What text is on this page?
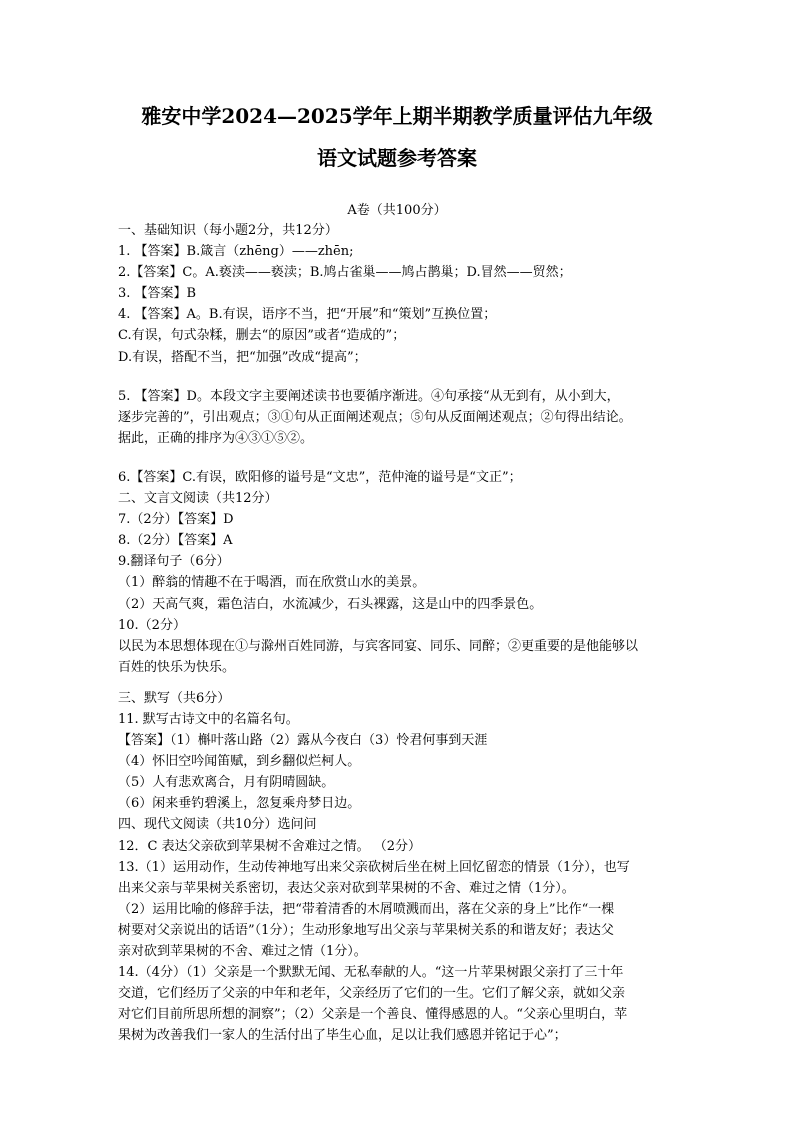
雅安中学2024—2025学年上期半期教学质量评估九年级
语文试题参考答案
A卷（共100分）
一、基础知识（每小题2分，共12分）
1. 【答案】B.箴言（zhēng）——zhēn;
2.【答案】C。A.亵渎——亵渎；B.鸠占雀巢——鸠占鹊巢；D.冒然——贸然；
3. 【答案】B
4. 【答案】A。B.有误，语序不当，把“开展”和“策划”互换位置；
C.有误，句式杂糅，删去“的原因”或者“造成的”；
D.有误，搭配不当，把“加强”改成“提高”；
5. 【答案】D。本段文字主要阐述读书也要循序渐进。④句承接“从无到有，从小到大，
逐步完善的”，引出观点；③①句从正面阐述观点；⑤句从反面阐述观点；②句得出结论。
据此，正确的排序为④③①⑤②。
6.【答案】C.有误，欧阳修的谥号是“文忠”，范仲淹的谥号是“文正”；
二、文言文阅读（共12分）
7.（2分）【答案】D
8.（2分）【答案】A
9.翻译句子（6分）
（1）醉翁的情趣不在于喝酒，而在欣赏山水的美景。
（2）天高气爽，霜色洁白，水流减少，石头裸露，这是山中的四季景色。
10.（2分）
以民为本思想体现在①与滁州百姓同游，与宾客同宴、同乐、同醉；②更重要的是他能够以
百姓的快乐为快乐。
三、默写（共6分）
11. 默写古诗文中的名篇名句。
【答案】（1）槲叶落山路（2）露从今夜白（3）怜君何事到天涯
（4）怀旧空吟闻笛赋，到乡翻似烂柯人。
（5）人有悲欢离合，月有阴晴圆缺。
（6）闲来垂钓碧溪上，忽复乘舟梦日边。
四、现代文阅读（共10分）选问问
12．C 表达父亲砍到苹果树不舍难过之情。 （2分）
13.（1）运用动作，生动传神地写出来父亲砍树后坐在树上回忆留恋的情景（1分），也写
出来父亲与苹果树关系密切，表达父亲对砍到苹果树的不舍、难过之情（1分）。
（2）运用比喻的修辞手法，把“带着清香的木屑喷溅而出，落在父亲的身上”比作“一棵
树要对父亲说出的话语”（1分）；生动形象地写出父亲与苹果树关系的和谐友好；表达父
亲对砍到苹果树的不舍、难过之情（1分）。
14.（4分）（1）父亲是一个默默无闻、无私奉献的人。“这一片苹果树跟父亲打了三十年
交道，它们经历了父亲的中年和老年，父亲经历了它们的一生。它们了解父亲，就如父亲
对它们目前所思所想的洞察”；（2）父亲是一个善良、懂得感恩的人。“父亲心里明白，苹
果树为改善我们一家人的生活付出了毕生心血，足以让我们感恩并铭记于心”；
